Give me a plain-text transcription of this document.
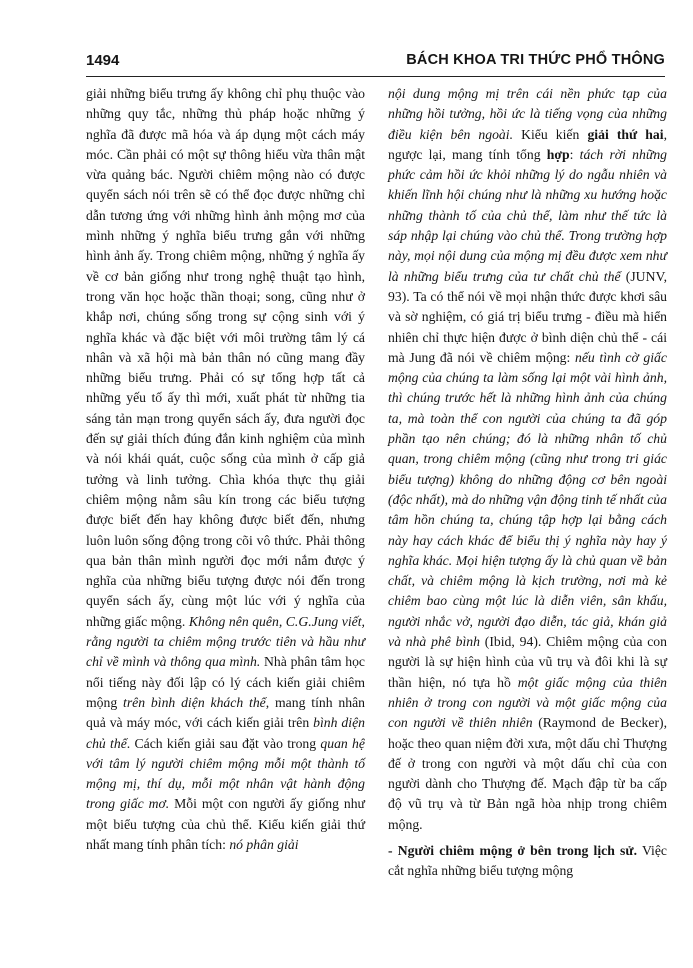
1494	BÁCH KHOA TRI THỨC PHỔ THÔNG

giải những biểu trưng ấy không chỉ phụ thuộc vào những quy tắc, những thủ pháp hoặc những ý nghĩa đã được mã hóa và áp dụng một cách máy móc. Cần phải có một sự thông hiểu vừa thân mật vừa quảng bác. Người chiêm mộng nào có được quyển sách nói trên sẽ có thể đọc được những chỉ dẫn tương ứng với những hình ảnh mộng mơ của mình những ý nghĩa biểu trưng gắn với những hình ảnh ấy. Trong chiêm mộng, những ý nghĩa ấy về cơ bản giống như trong nghệ thuật tạo hình, trong văn học hoặc thần thoại; song, cũng như ở khắp nơi, chúng sống trong sự cộng sinh với ý nghĩa khác và đặc biệt với môi trường tâm lý cá nhân và xã hội mà bản thân nó cũng mang đầy những biểu trưng. Phải có sự tổng hợp tất cả những yếu tố ấy thì mới, xuất phát từ những tia sáng tản mạn trong quyển sách ấy, đưa người đọc đến sự giải thích đúng đắn kinh nghiệm của mình và nói khái quát, cuộc sống của mình ở cấp giả tưởng và linh tưởng. Chìa khóa thực thụ giải chiêm mộng nằm sâu kín trong các biểu tượng được biết đến hay không được biết đến, nhưng luôn luôn sống động trong cõi vô thức. Phải thông qua bản thân mình người đọc mới nắm được ý nghĩa của những biểu tượng được nói đến trong quyển sách ấy, cùng một lúc với ý nghĩa của những giấc mộng. Không nên quên, C.G.Jung viết, rằng người ta chiêm mộng trước tiên và hầu như chỉ về mình và thông qua mình. Nhà phân tâm học nổi tiếng này đối lập có lý cách kiến giải chiêm mộng trên bình diện khách thể, mang tính nhân quả và máy móc, với cách kiến giải trên bình diện chủ thể. Cách kiến giải sau đặt vào trong quan hệ với tâm lý người chiêm mộng mỗi một thành tố mộng mị, thí dụ, mỗi một nhân vật hành động trong giấc mơ. Mỗi một con người ấy giống như một biểu tượng của chủ thể. Kiểu kiến giải thứ nhất mang tính phân tích: nó phân giải

nội dung mộng mị trên cái nền phức tạp của những hồi tưởng, hồi ức là tiếng vọng của những điều kiện bên ngoài. Kiểu kiến giải thứ hai, ngược lại, mang tính tổng hợp: tách rời những phức cảm hồi ức khỏi những lý do ngẫu nhiên và khiến lĩnh hội chúng như là những xu hướng hoặc những thành tố của chủ thể, làm như thế tức là sáp nhập lại chúng vào chủ thể. Trong trường hợp này, mọi nội dung của mộng mị đều được xem như là những biểu trưng của tư chất chủ thể (JUNV, 93). Ta có thể nói về mọi nhận thức được khơi sâu và sờ nghiệm, có giá trị biểu trưng - điều mà hiển nhiên chỉ thực hiện được ở bình diện chủ thể - cái mà Jung đã nói về chiêm mộng: nếu tình cờ giấc mộng của chúng ta làm sống lại một vài hình ảnh, thì chúng trước hết là những hình ảnh của chúng ta, mà toàn thể con người của chúng ta đã góp phần tạo nên chúng; đó là những nhân tố chủ quan, trong chiêm mộng (cũng như trong tri giác biểu tượng) không do những động cơ bên ngoài (độc nhất), mà do những vận động tinh tế nhất của tâm hồn chúng ta, chúng tập hợp lại bằng cách này hay cách khác để biểu thị ý nghĩa này hay ý nghĩa khác. Mọi hiện tượng ấy là chủ quan về bản chất, và chiêm mộng là kịch trường, nơi mà kẻ chiêm bao cùng một lúc là diễn viên, sân khấu, người nhắc vở, người đạo diễn, tác giả, khán giả và nhà phê bình (Ibid, 94). Chiêm mộng của con người là sự hiện hình của vũ trụ và đôi khi là sự thần hiện, nó tựa hồ một giấc mộng của thiên nhiên ở trong con người và một giấc mộng của con người về thiên nhiên (Raymond de Becker), hoặc theo quan niệm đời xưa, một dấu chỉ Thượng đế ở trong con người và một dấu chỉ của con người dành cho Thượng đế. Mạch đập từ ba cấp độ vũ trụ và từ Bản ngã hòa nhịp trong chiêm mộng.

- Người chiêm mộng ở bên trong lịch sử. Việc cắt nghĩa những biểu tượng mộng
